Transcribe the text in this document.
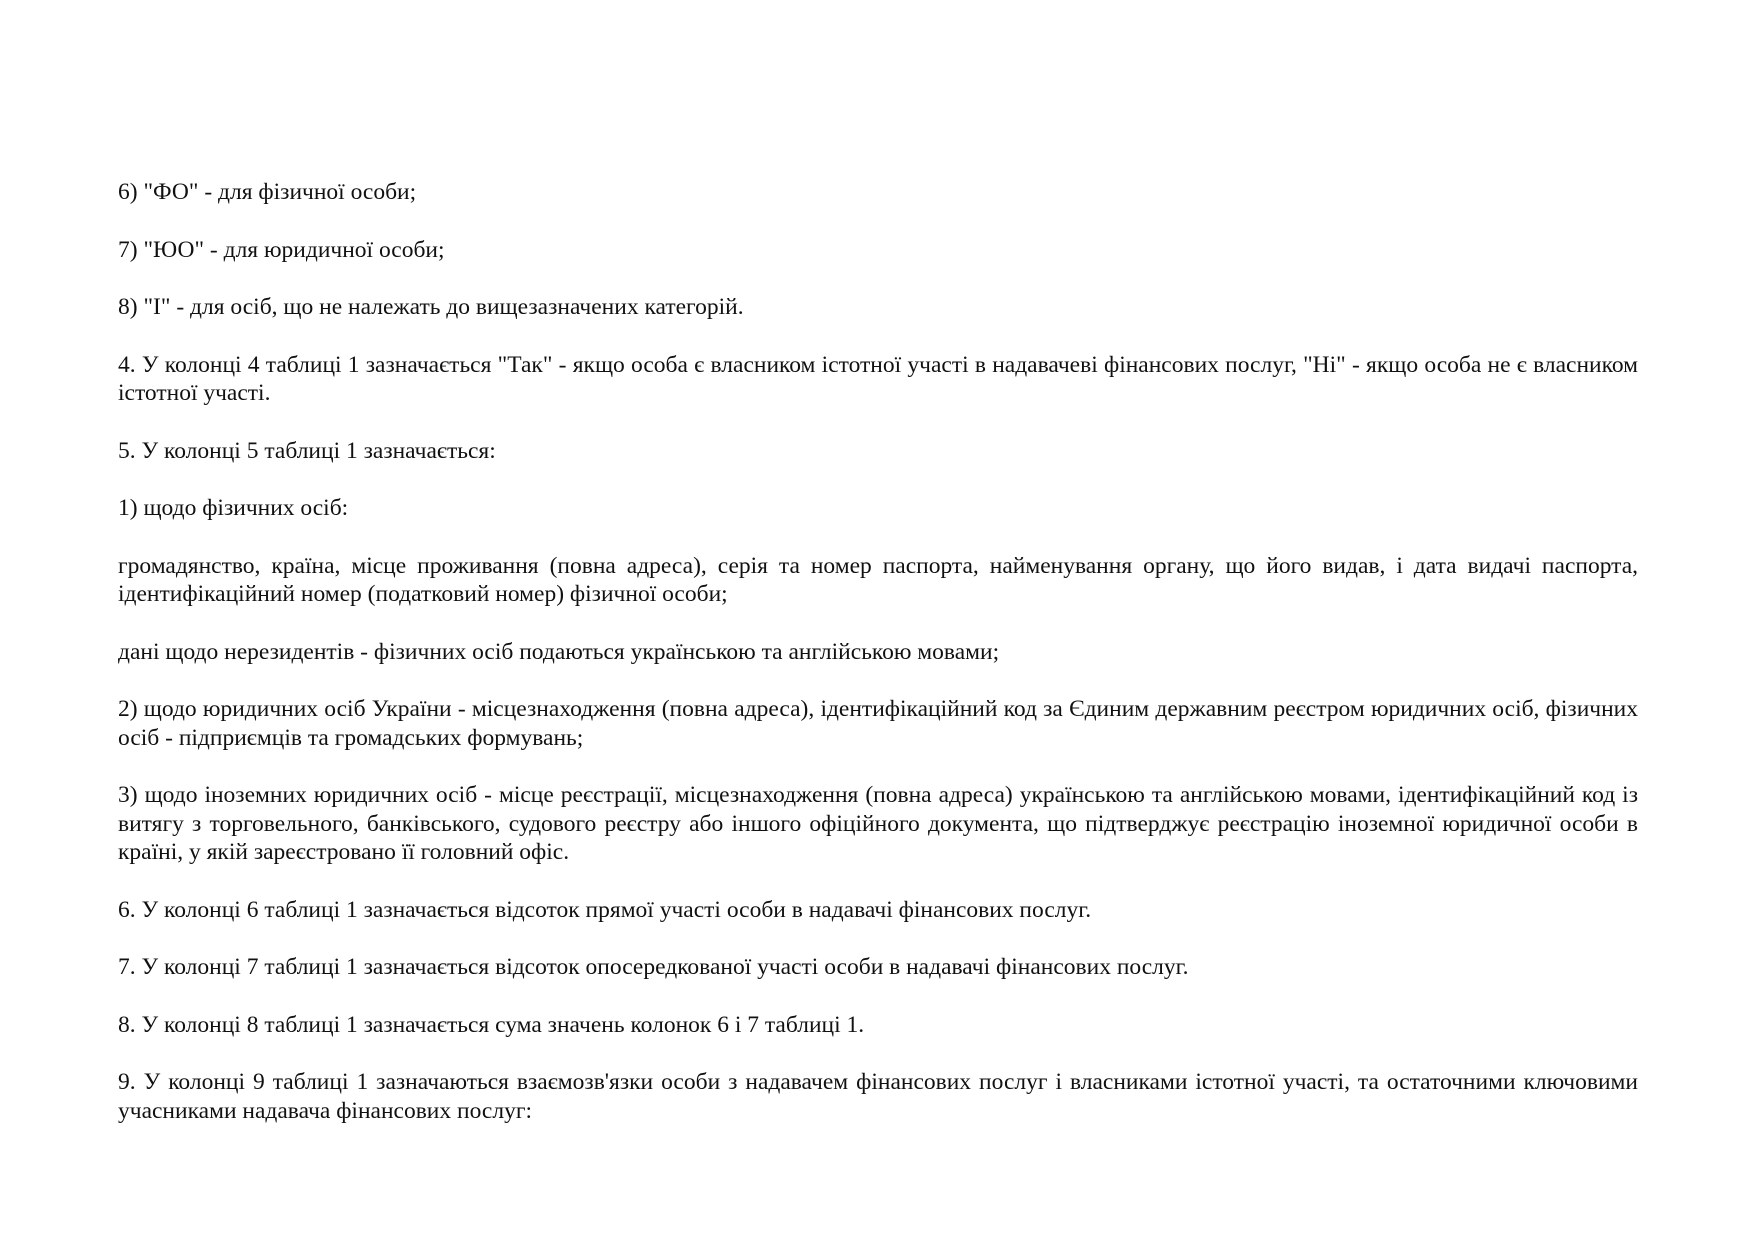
6) "ФО" - для фізичної особи;

7) "ЮО" - для юридичної особи;

8) "І" - для осіб, що не належать до вищезазначених категорій.

4. У колонці 4 таблиці 1 зазначається "Так" - якщо особа є власником істотної участі в надавачеві фінансових послуг, "Ні" - якщо особа не є власником істотної участі.

5. У колонці 5 таблиці 1 зазначається:

1) щодо фізичних осіб:

громадянство, країна, місце проживання (повна адреса), серія та номер паспорта, найменування органу, що його видав, і дата видачі паспорта, ідентифікаційний номер (податковий номер) фізичної особи;

дані щодо нерезидентів - фізичних осіб подаються українською та англійською мовами;

2) щодо юридичних осіб України - місцезнаходження (повна адреса), ідентифікаційний код за Єдиним державним реєстром юридичних осіб, фізичних осіб - підприємців та громадських формувань;

3) щодо іноземних юридичних осіб - місце реєстрації, місцезнаходження (повна адреса) українською та англійською мовами, ідентифікаційний код із витягу з торговельного, банківського, судового реєстру або іншого офіційного документа, що підтверджує реєстрацію іноземної юридичної особи в країні, у якій зареєстровано її головний офіс.

6. У колонці 6 таблиці 1 зазначається відсоток прямої участі особи в надавачі фінансових послуг.

7. У колонці 7 таблиці 1 зазначається відсоток опосередкованої участі особи в надавачі фінансових послуг.

8. У колонці 8 таблиці 1 зазначається сума значень колонок 6 і 7 таблиці 1.

9. У колонці 9 таблиці 1 зазначаються взаємозв'язки особи з надавачем фінансових послуг і власниками істотної участі, та остаточними ключовими учасниками надавача фінансових послуг:
